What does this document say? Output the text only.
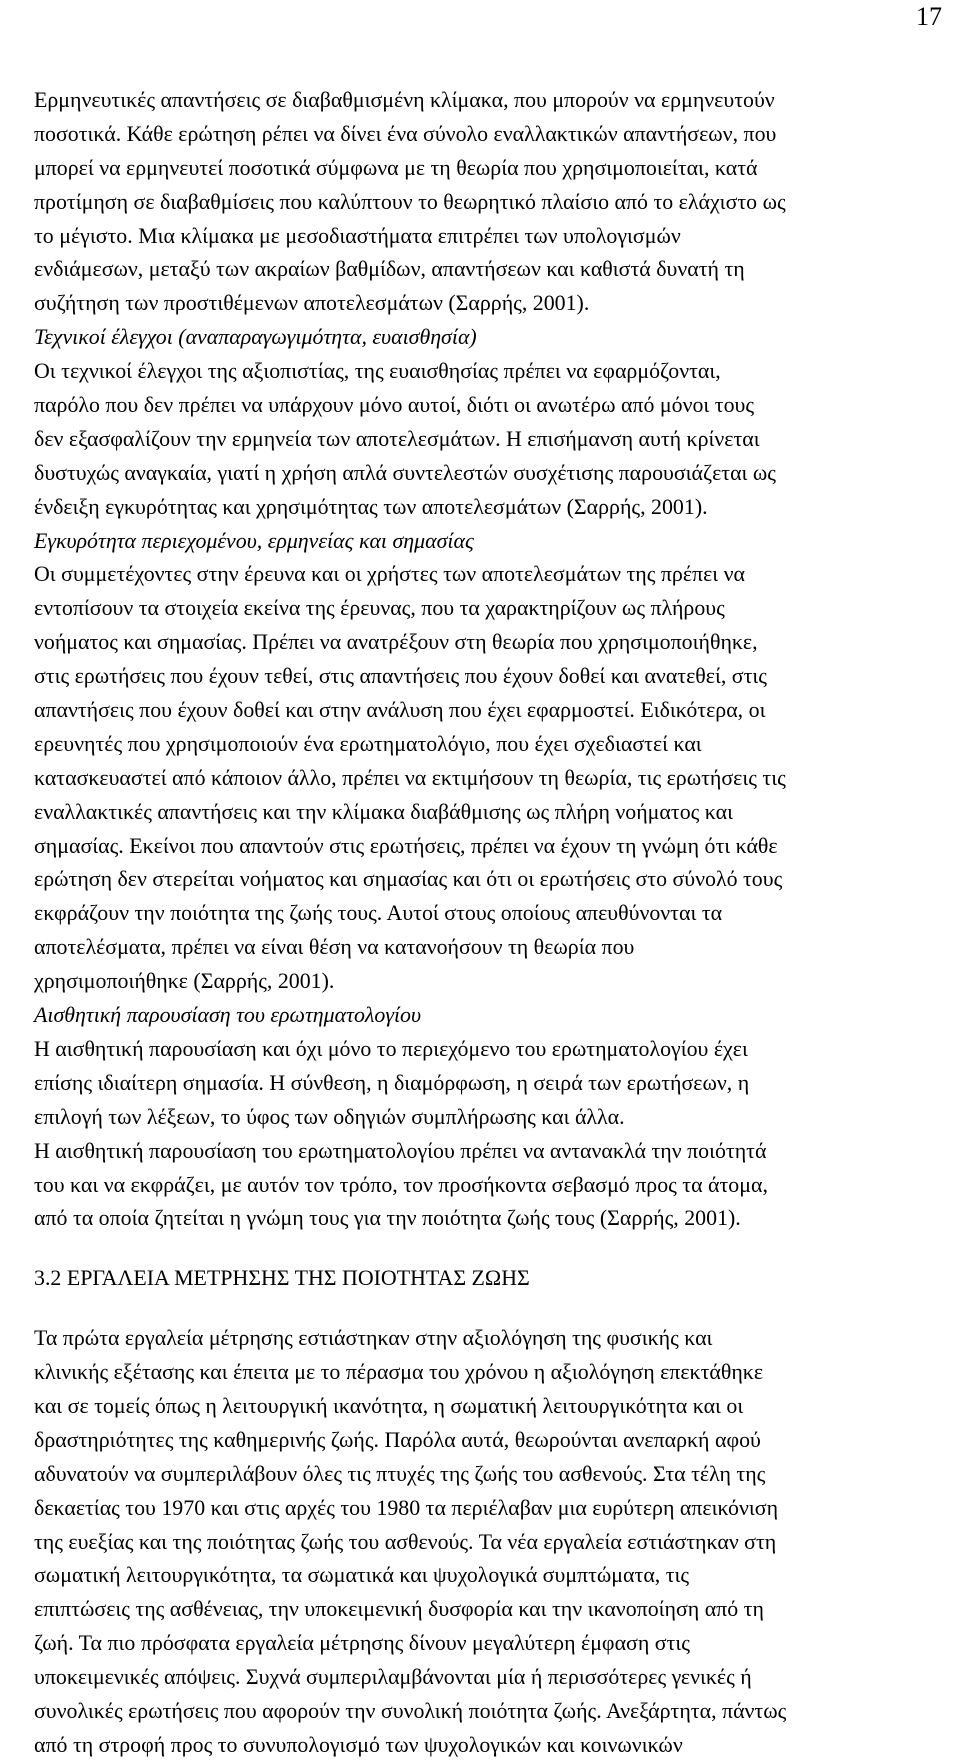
17
Ερμηνευτικές απαντήσεις σε διαβαθμισμένη κλίμακα, που μπορούν να ερμηνευτούν
ποσοτικά. Κάθε ερώτηση ρέπει να δίνει ένα σύνολο εναλλακτικών απαντήσεων, που
μπορεί να ερμηνευτεί ποσοτικά σύμφωνα με τη θεωρία που χρησιμοποιείται, κατά
προτίμηση σε διαβαθμίσεις που καλύπτουν το θεωρητικό πλαίσιο από το ελάχιστο ως
το μέγιστο. Μια κλίμακα με μεσοδιαστήματα επιτρέπει των υπολογισμών
ενδιάμεσων, μεταξύ των ακραίων βαθμίδων, απαντήσεων και καθιστά δυνατή τη
συζήτηση των προστιθέμενων αποτελεσμάτων (Σαρρής, 2001).
Τεχνικοί έλεγχοι (αναπαραγωγιμότητα, ευαισθησία)
Οι τεχνικοί έλεγχοι της αξιοπιστίας, της ευαισθησίας πρέπει να εφαρμόζονται,
παρόλο που δεν πρέπει να υπάρχουν μόνο αυτοί, διότι οι ανωτέρω από μόνοι τους
δεν εξασφαλίζουν την ερμηνεία των αποτελεσμάτων. Η επισήμανση αυτή κρίνεται
δυστυχώς αναγκαία, γιατί η χρήση απλά συντελεστών συσχέτισης παρουσιάζεται ως
ένδειξη εγκυρότητας και χρησιμότητας των αποτελεσμάτων (Σαρρής, 2001).
Εγκυρότητα περιεχομένου, ερμηνείας και σημασίας
Οι συμμετέχοντες στην έρευνα και οι χρήστες των αποτελεσμάτων της πρέπει να
εντοπίσουν τα στοιχεία εκείνα της έρευνας, που τα χαρακτηρίζουν ως πλήρους
νοήματος και σημασίας. Πρέπει να ανατρέξουν στη θεωρία που χρησιμοποιήθηκε,
στις ερωτήσεις που έχουν τεθεί, στις απαντήσεις που έχουν δοθεί και ανατεθεί, στις
απαντήσεις που έχουν δοθεί και στην ανάλυση που έχει εφαρμοστεί. Ειδικότερα, οι
ερευνητές που χρησιμοποιούν ένα ερωτηματολόγιο, που έχει σχεδιαστεί και
κατασκευαστεί από κάποιον άλλο, πρέπει να εκτιμήσουν τη θεωρία, τις ερωτήσεις τις
εναλλακτικές απαντήσεις και την κλίμακα διαβάθμισης ως πλήρη νοήματος και
σημασίας. Εκείνοι που απαντούν στις ερωτήσεις, πρέπει να έχουν τη γνώμη ότι κάθε
ερώτηση δεν στερείται νοήματος και σημασίας και ότι οι ερωτήσεις στο σύνολό τους
εκφράζουν την ποιότητα της ζωής τους. Αυτοί στους οποίους απευθύνονται τα
αποτελέσματα, πρέπει να είναι θέση να κατανοήσουν τη θεωρία που
χρησιμοποιήθηκε (Σαρρής, 2001).
Αισθητική παρουσίαση του ερωτηματολογίου
Η αισθητική παρουσίαση και όχι μόνο το περιεχόμενο του ερωτηματολογίου έχει
επίσης ιδιαίτερη σημασία. Η σύνθεση, η διαμόρφωση, η σειρά των ερωτήσεων, η
επιλογή των λέξεων, το ύφος των οδηγιών συμπλήρωσης και άλλα.
Η αισθητική παρουσίαση του ερωτηματολογίου πρέπει να αντανακλά την ποιότητά
του και να εκφράζει, με αυτόν τον τρόπο, τον προσήκοντα σεβασμό προς τα άτομα,
από τα οποία ζητείται η γνώμη τους για την ποιότητα ζωής τους (Σαρρής, 2001).
3.2 ΕΡΓΑΛΕΙΑ ΜΕΤΡΗΣΗΣ ΤΗΣ ΠΟΙΟΤΗΤΑΣ ΖΩΗΣ
Τα πρώτα εργαλεία μέτρησης εστιάστηκαν στην αξιολόγηση της φυσικής και
κλινικής εξέτασης και έπειτα με το πέρασμα του χρόνου η αξιολόγηση επεκτάθηκε
και σε τομείς όπως η λειτουργική ικανότητα, η σωματική λειτουργικότητα και οι
δραστηριότητες της καθημερινής ζωής. Παρόλα αυτά, θεωρούνται ανεπαρκή αφού
αδυνατούν να συμπεριλάβουν όλες τις πτυχές της ζωής του ασθενούς. Στα τέλη της
δεκαετίας του 1970 και στις αρχές του 1980 τα περιέλαβαν μια ευρύτερη απεικόνιση
της ευεξίας και της ποιότητας ζωής του ασθενούς. Τα νέα εργαλεία εστιάστηκαν στη
σωματική λειτουργικότητα, τα σωματικά και ψυχολογικά συμπτώματα, τις
επιπτώσεις της ασθένειας, την υποκειμενική δυσφορία και την ικανοποίηση από τη
ζωή. Τα πιο πρόσφατα εργαλεία μέτρησης δίνουν μεγαλύτερη έμφαση στις
υποκειμενικές απόψεις. Συχνά συμπεριλαμβάνονται μία ή περισσότερες γενικές ή
συνολικές ερωτήσεις που αφορούν την συνολική ποιότητα ζωής. Ανεξάρτητα, πάντως
από τη στροφή προς το συνυπολογισμό των ψυχολογικών και κοινωνικών
